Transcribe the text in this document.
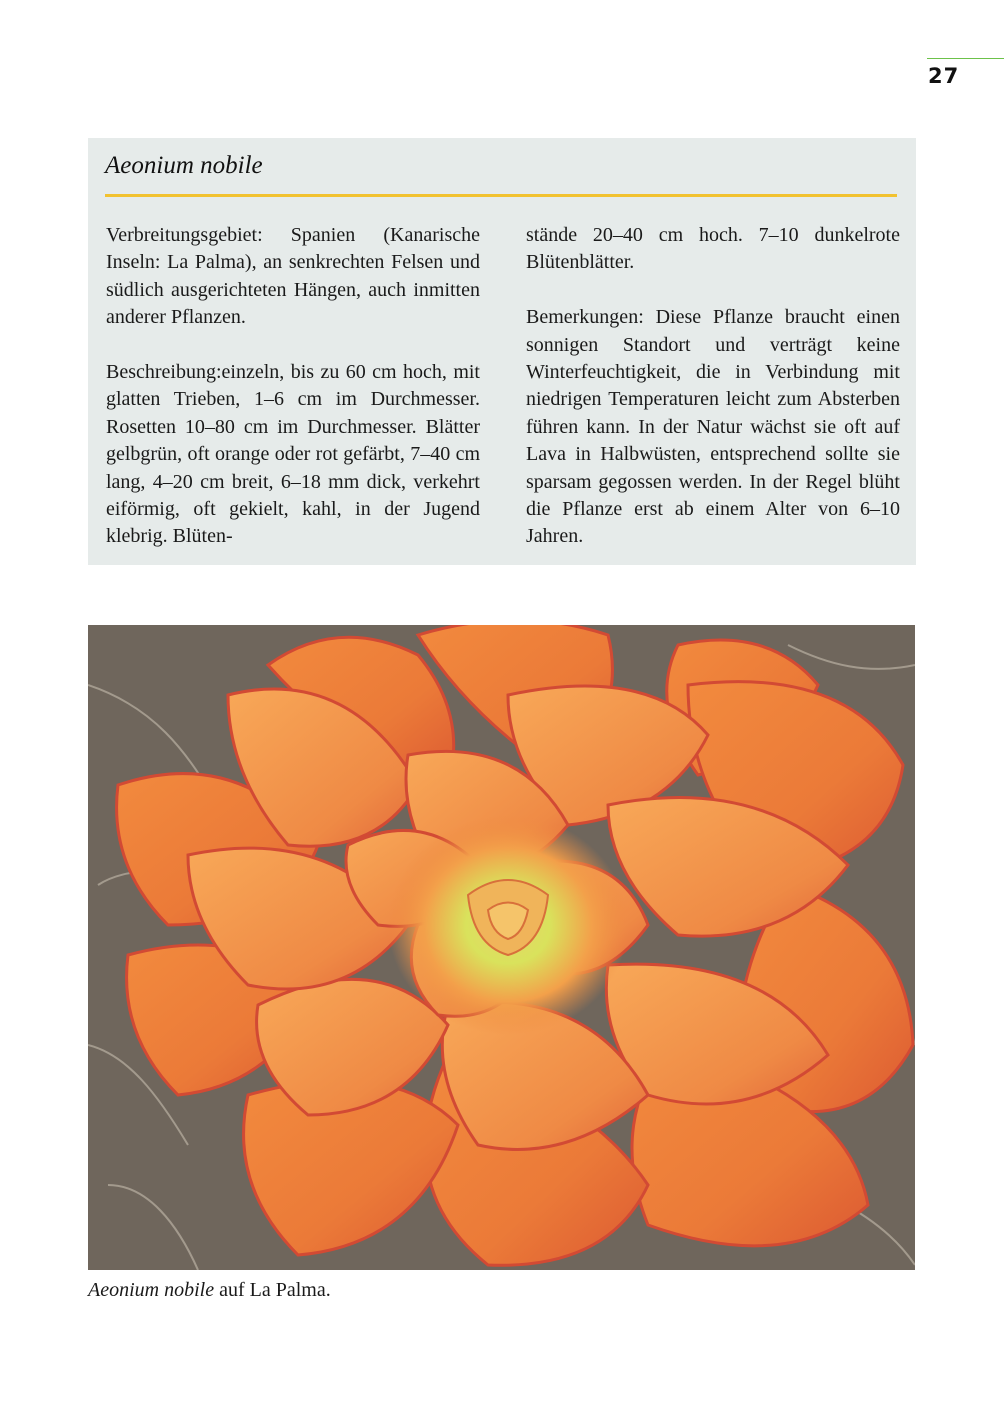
27
Aeonium nobile

Verbreitungsgebiet: Spanien (Kanarische Inseln: La Palma), an senkrechten Felsen und südlich ausgerichteten Hängen, auch inmitten anderer Pflanzen.

Beschreibung:einzeln, bis zu 60 cm hoch, mit glatten Trieben, 1–6 cm im Durchmesser. Rosetten 10–80 cm im Durchmesser. Blätter gelbgrün, oft orange oder rot gefärbt, 7–40 cm lang, 4–20 cm breit, 6–18 mm dick, verkehrt eiförmig, oft gekielt, kahl, in der Jugend klebrig. Blüten-

stände 20–40 cm hoch. 7–10 dunkelrote Blütenblätter.

Bemerkungen: Diese Pflanze braucht einen sonnigen Standort und verträgt keine Winterfeuchtigkeit, die in Verbindung mit niedrigen Temperaturen leicht zum Absterben führen kann. In der Natur wächst sie oft auf Lava in Halbwüsten, entsprechend sollte sie sparsam gegossen werden. In der Regel blüht die Pflanze erst ab einem Alter von 6–10 Jahren.

Aeonium nobile auf La Palma.
